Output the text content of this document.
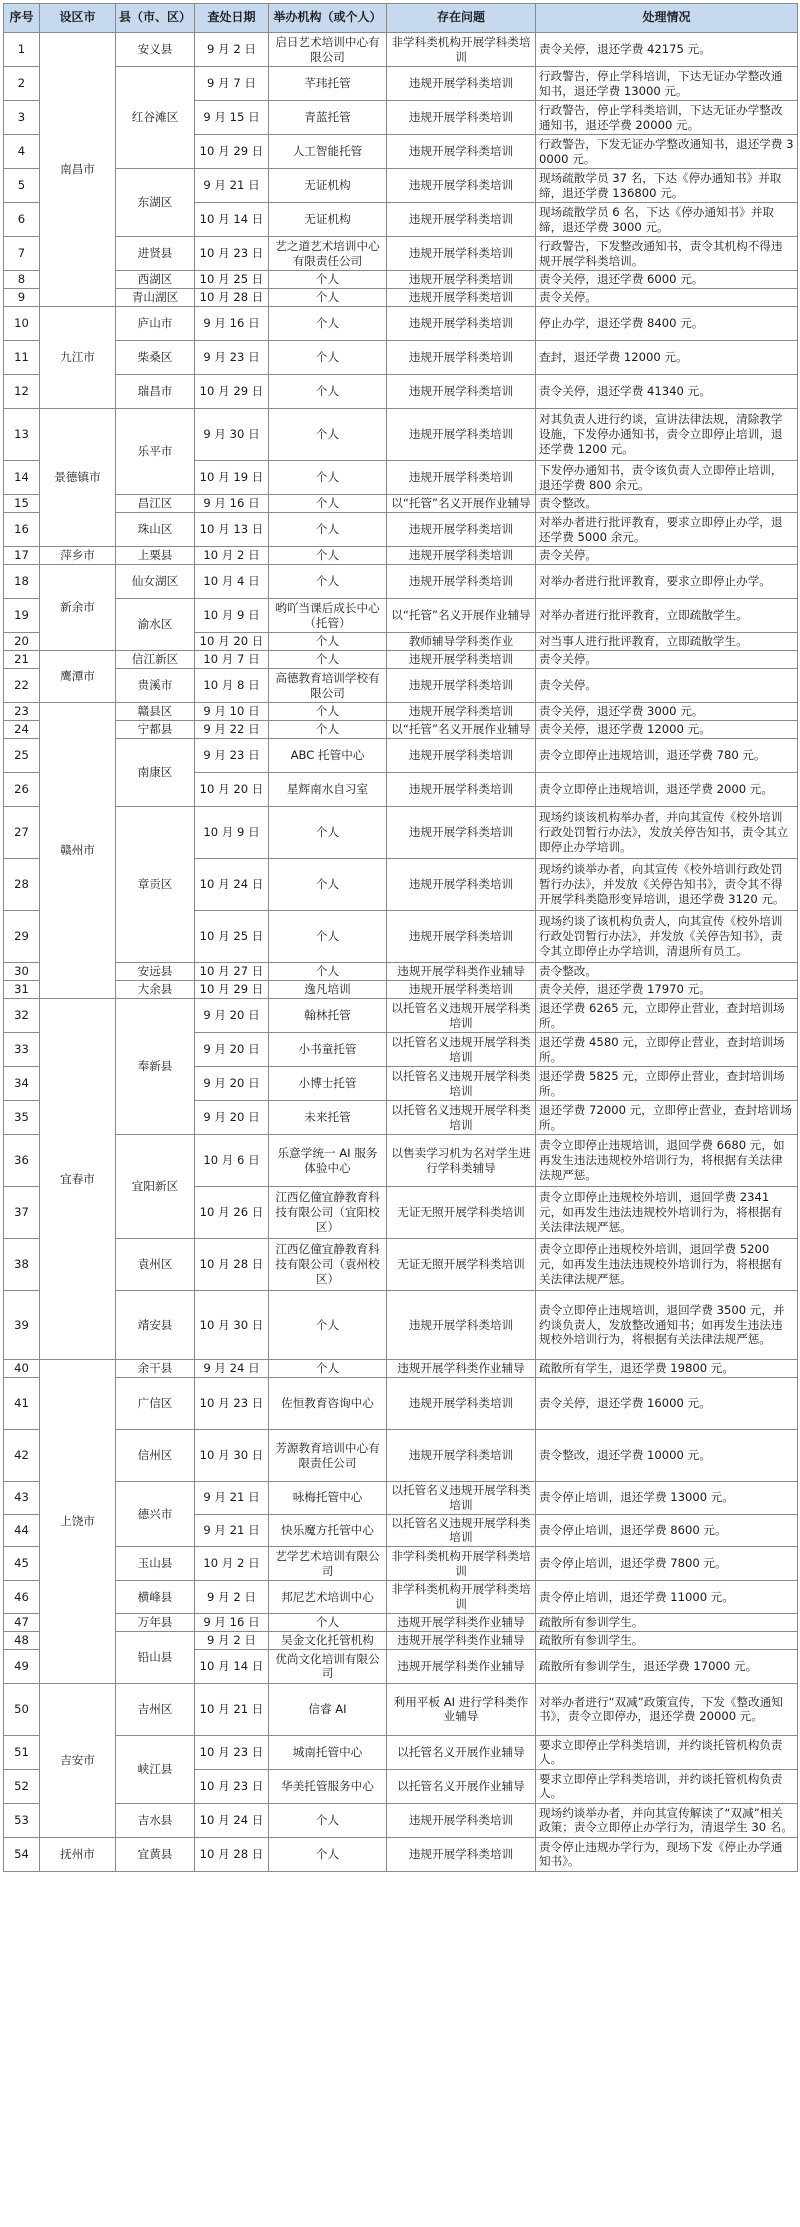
序号	设区市	县（市、区）	查处日期	举办机构（或个人）	存在问题	处理情况
1	南昌市	安义县	9 月 2 日	启日艺术培训中心有限公司	非学科类机构开展学科类培训	责令关停，退还学费 42175 元。
2		红谷滩区	9 月 7 日	芊玮托管	违规开展学科类培训	行政警告，停止学科培训，下达无证办学整改通知书，退还学费 13000 元。
3			9 月 15 日	青蓝托管	违规开展学科类培训	行政警告，停止学科类培训，下达无证办学整改通知书，退还学费 20000 元。
4			10 月 29 日	人工智能托管	违规开展学科类培训	行政警告，下发无证办学整改通知书，退还学费 30000 元。
5		东湖区	9 月 21 日	无证机构	违规开展学科类培训	现场疏散学员 37 名，下达《停办通知书》并取缔，退还学费 136800 元。
6			10 月 14 日	无证机构	违规开展学科类培训	现场疏散学员 6 名，下达《停办通知书》并取缔，退还学费 3000 元。
7		进贤县	10 月 23 日	艺之道艺术培训中心有限责任公司	违规开展学科类培训	行政警告，下发整改通知书，责令其机构不得违规开展学科类培训。
8		西湖区	10 月 25 日	个人	违规开展学科类培训	责令关停，退还学费 6000 元。
9		青山湖区	10 月 28 日	个人	违规开展学科类培训	责令关停。
10	九江市	庐山市	9 月 16 日	个人	违规开展学科类培训	停止办学，退还学费 8400 元。
11		柴桑区	9 月 23 日	个人	违规开展学科类培训	查封，退还学费 12000 元。
12		瑞昌市	10 月 29 日	个人	违规开展学科类培训	责令关停，退还学费 41340 元。
13	景德镇市	乐平市	9 月 30 日	个人	违规开展学科类培训	对其负责人进行约谈，宣讲法律法规，清除教学设施，下发停办通知书，责令立即停止培训，退还学费 1200 元。
14			10 月 19 日	个人	违规开展学科类培训	下发停办通知书，责令该负责人立即停止培训，退还学费 800 余元。
15		昌江区	9 月 16 日	个人	以“托管”名义开展作业辅导	责令整改。
16		珠山区	10 月 13 日	个人	违规开展学科类培训	对举办者进行批评教育，要求立即停止办学，退还学费 5000 余元。
17	萍乡市	上栗县	10 月 2 日	个人	违规开展学科类培训	责令关停。
18	新余市	仙女湖区	10 月 4 日	个人	违规开展学科类培训	对举办者进行批评教育，要求立即停止办学。
19		渝水区	10 月 9 日	哟吖当课后成长中心（托管）	以“托管”名义开展作业辅导	对举办者进行批评教育，立即疏散学生。
20			10 月 20 日	个人	教师辅导学科类作业	对当事人进行批评教育，立即疏散学生。
21	鹰潭市	信江新区	10 月 7 日	个人	违规开展学科类培训	责令关停。
22		贵溪市	10 月 8 日	高德教育培训学校有限公司	违规开展学科类培训	责令关停。
23	赣州市	赣县区	9 月 10 日	个人	违规开展学科类培训	责令关停，退还学费 3000 元。
24		宁都县	9 月 22 日	个人	以“托管”名义开展作业辅导	责令关停，退还学费 12000 元。
25		南康区	9 月 23 日	ABC 托管中心	违规开展学科类培训	责令立即停止违规培训，退还学费 780 元。
26			10 月 20 日	星辉南水自习室	违规开展学科类培训	责令立即停止违规培训，退还学费 2000 元。
27		章贡区	10 月 9 日	个人	违规开展学科类培训	现场约谈该机构举办者，并向其宣传《校外培训行政处罚暂行办法》，发放关停告知书，责令其立即停止办学培训。
28			10 月 24 日	个人	违规开展学科类培训	现场约谈举办者，向其宣传《校外培训行政处罚暂行办法》，并发放《关停告知书》，责令其不得开展学科类隐形变异培训，退还学费 3120 元。
29			10 月 25 日	个人	违规开展学科类培训	现场约谈了该机构负责人，向其宣传《校外培训行政处罚暂行办法》，并发放《关停告知书》，责令其立即停止办学培训，清退所有员工。
30		安远县	10 月 27 日	个人	违规开展学科类作业辅导	责令整改。
31		大余县	10 月 29 日	逸凡培训	违规开展学科类培训	责令关停，退还学费 17970 元。
32	宜春市	奉新县	9 月 20 日	翰林托管	以托管名义违规开展学科类培训	退还学费 6265 元，立即停止营业，查封培训场所。
33			9 月 20 日	小书童托管	以托管名义违规开展学科类培训	退还学费 4580 元，立即停止营业，查封培训场所。
34			9 月 20 日	小博士托管	以托管名义违规开展学科类培训	退还学费 5825 元，立即停止营业，查封培训场所。
35			9 月 20 日	未来托管	以托管名义违规开展学科类培训	退还学费 72000 元，立即停止营业，查封培训场所。
36		宜阳新区	10 月 6 日	乐意学统一 AI 服务体验中心	以售卖学习机为名对学生进行学科类辅导	责令立即停止违规培训，退回学费 6680 元，如再发生违法违规校外培训行为，将根据有关法律法规严惩。
37			10 月 26 日	江西亿僮宜静教育科技有限公司（宜阳校区）	无证无照开展学科类培训	责令立即停止违规校外培训，退回学费 2341 元，如再发生违法违规校外培训行为，将根据有关法律法规严惩。
38		袁州区	10 月 28 日	江西亿僮宜静教育科技有限公司（袁州校区）	无证无照开展学科类培训	责令立即停止违规校外培训，退回学费 5200 元，如再发生违法违规校外培训行为，将根据有关法律法规严惩。
39		靖安县	10 月 30 日	个人	违规开展学科类培训	责令立即停止违规培训，退回学费 3500 元，并约谈负责人，发放整改通知书；如再发生违法违规校外培训行为，将根据有关法律法规严惩。
40	上饶市	余干县	9 月 24 日	个人	违规开展学科类作业辅导	疏散所有学生，退还学费 19800 元。
41		广信区	10 月 23 日	佐恒教育咨询中心	违规开展学科类培训	责令关停，退还学费 16000 元。
42		信州区	10 月 30 日	芳源教育培训中心有限责任公司	违规开展学科类培训	责令整改，退还学费 10000 元。
43		德兴市	9 月 21 日	咏梅托管中心	以托管名义违规开展学科类培训	责令停止培训，退还学费 13000 元。
44			9 月 21 日	快乐魔方托管中心	以托管名义违规开展学科类培训	责令停止培训，退还学费 8600 元。
45		玉山县	10 月 2 日	艺学艺术培训有限公司	非学科类机构开展学科类培训	责令停止培训，退还学费 7800 元。
46		横峰县	9 月 2 日	邦尼艺术培训中心	非学科类机构开展学科类培训	责令停止培训，退还学费 11000 元。
47		万年县	9 月 16 日	个人	违规开展学科类作业辅导	疏散所有参训学生。
48		铅山县	9 月 2 日	吴金文化托管机构	违规开展学科类作业辅导	疏散所有参训学生。
49			10 月 14 日	优尚文化培训有限公司	违规开展学科类作业辅导	疏散所有参训学生，退还学费 17000 元。
50	吉安市	吉州区	10 月 21 日	信睿 AI	利用平板 AI 进行学科类作业辅导	对举办者进行“双减”政策宣传，下发《整改通知书》，责令立即停办，退还学费 20000 元。
51		峡江县	10 月 23 日	城南托管中心	以托管名义开展作业辅导	要求立即停止学科类培训，并约谈托管机构负责人。
52			10 月 23 日	华美托管服务中心	以托管名义开展作业辅导	要求立即停止学科类培训，并约谈托管机构负责人。
53		吉水县	10 月 24 日	个人	违规开展学科类培训	现场约谈举办者，并向其宣传解读了“双减”相关政策；责令立即停止办学行为，清退学生 30 名。
54	抚州市	宜黄县	10 月 28 日	个人	违规开展学科类培训	责令停止违规办学行为，现场下发《停止办学通知书》。
